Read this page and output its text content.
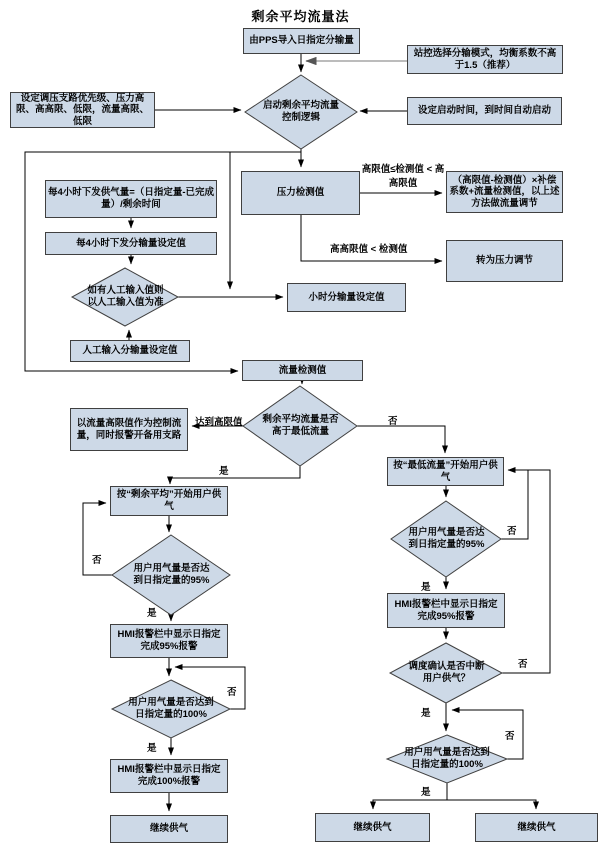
剩余平均流量法
由PPS导入日指定分输量
站控选择分输模式，均衡系数不高于1.5（推荐）
设定启动时间，到时间自动启动
设定调压支路优先级、压力高限、高高限、低限，流量高限、低限
压力检测值
（高限值-检测值）×补偿系数+流量检测值，以上述方法做流量调节
转为压力调节
每4小时下发供气量=（日指定量-已完成量）/剩余时间
每4小时下发分输量设定值
人工输入分输量设定值
小时分输量设定值
流量检测值
以流量高限值作为控制流量，同时报警开备用支路
按“剩余平均”开始用户供气
HMI报警栏中显示日指定完成95%报警
HMI报警栏中显示日指定完成100%报警
继续供气
按“最低流量”开始用户供气
HMI报警栏中显示日指定完成95%报警
继续供气	继续供气
启动剩余平均流量控制逻辑
如有人工输入值则以人工输入值为准
剩余平均流量是否高于最低流量
用户用气量是否达到日指定量的95%
用户用气量是否达到日指定量的100%
用户用气量是否达到日指定量的95%
调度确认是否中断用户供气？
用户用气量是否达到日指定量的100%
高限值≤检测值 < 高高限值
高高限值 < 检测值
达到高限值	否
是
否
是
否
是
否
是
否
是
否
是
